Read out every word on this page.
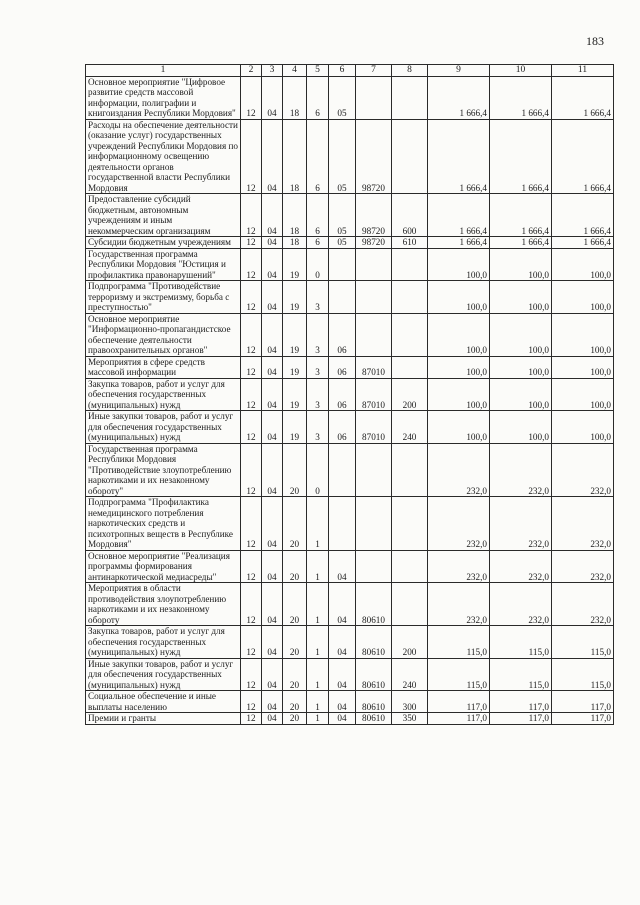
183
1	2	3	4	5	6	7	8	9	10	11
Основное мероприятие "Цифровое развитие средств массовой информации, полиграфии и книгоиздания Республики Мордовия"	12	04	18	6	05			1 666,4	1 666,4	1 666,4
Расходы на обеспечение деятельности (оказание услуг) государственных учреждений Республики Мордовия по информационному освещению деятельности органов государственной власти Республики Мордовия	12	04	18	6	05	98720		1 666,4	1 666,4	1 666,4
Предоставление субсидий бюджетным, автономным учреждениям и иным некоммерческим организациям	12	04	18	6	05	98720	600	1 666,4	1 666,4	1 666,4
Субсидии бюджетным учреждениям	12	04	18	6	05	98720	610	1 666,4	1 666,4	1 666,4
Государственная программа Республики Мордовия "Юстиция и профилактика правонарушений"	12	04	19	0				100,0	100,0	100,0
Подпрограмма "Противодействие терроризму и экстремизму, борьба с преступностью"	12	04	19	3				100,0	100,0	100,0
Основное мероприятие "Информационно-пропагандистское обеспечение деятельности правоохранительных органов"	12	04	19	3	06			100,0	100,0	100,0
Мероприятия в сфере средств массовой информации	12	04	19	3	06	87010		100,0	100,0	100,0
Закупка товаров, работ и услуг для обеспечения государственных (муниципальных) нужд	12	04	19	3	06	87010	200	100,0	100,0	100,0
Иные закупки товаров, работ и услуг для обеспечения государственных (муниципальных) нужд	12	04	19	3	06	87010	240	100,0	100,0	100,0
Государственная программа Республики Мордовия "Противодействие злоупотреблению наркотиками и их незаконному обороту"	12	04	20	0				232,0	232,0	232,0
Подпрограмма "Профилактика немедицинского потребления наркотических средств и психотропных веществ в Республике Мордовия"	12	04	20	1				232,0	232,0	232,0
Основное мероприятие "Реализация программы формирования антинаркотической медиасреды"	12	04	20	1	04			232,0	232,0	232,0
Мероприятия в области противодействия злоупотреблению наркотиками и их незаконному обороту	12	04	20	1	04	80610		232,0	232,0	232,0
Закупка товаров, работ и услуг для обеспечения государственных (муниципальных) нужд	12	04	20	1	04	80610	200	115,0	115,0	115,0
Иные закупки товаров, работ и услуг для обеспечения государственных (муниципальных) нужд	12	04	20	1	04	80610	240	115,0	115,0	115,0
Социальное обеспечение и иные выплаты населению	12	04	20	1	04	80610	300	117,0	117,0	117,0
Премии и гранты	12	04	20	1	04	80610	350	117,0	117,0	117,0
